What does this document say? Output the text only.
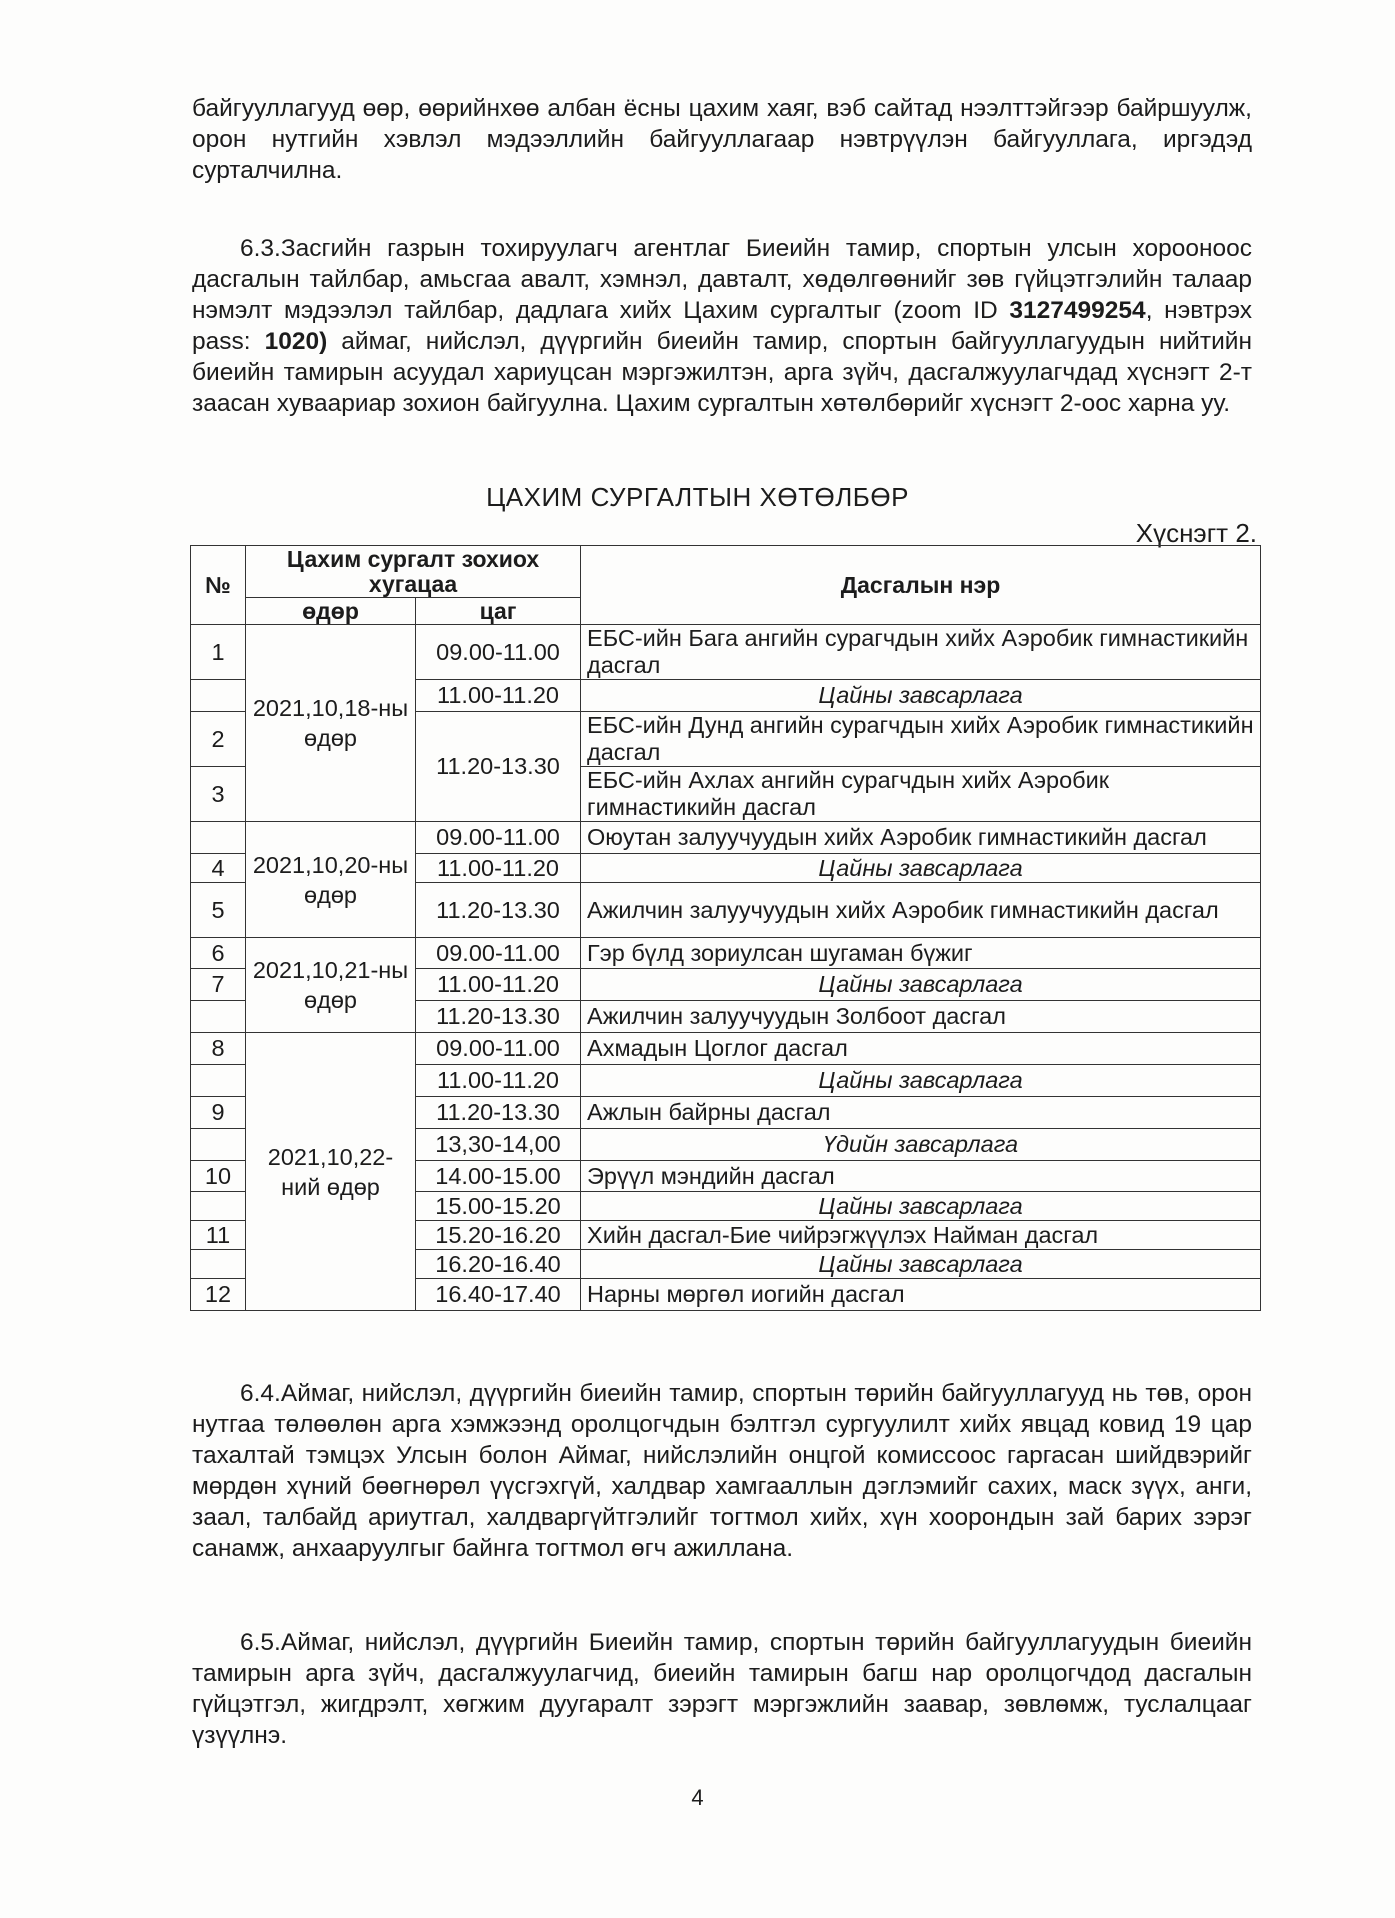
байгууллагууд өөр, өөрийнхөө албан ёсны цахим хаяг, вэб сайтад нээлттэйгээр байршуулж, орон нутгийн хэвлэл мэдээллийн байгууллагаар нэвтрүүлэн байгууллага, иргэдэд сурталчилна.

6.3.Засгийн газрын тохируулагч агентлаг Биеийн тамир, спортын улсын хорооноос дасгалын тайлбар, амьсгаа авалт, хэмнэл, давталт, хөдөлгөөнийг зөв гүйцэтгэлийн талаар нэмэлт мэдээлэл тайлбар, дадлага хийх Цахим сургалтыг (zoom ID 3127499254, нэвтрэх pass: 1020) аймаг, нийслэл, дүүргийн биеийн тамир, спортын байгууллагуудын нийтийн биеийн тамирын асуудал хариуцсан мэргэжилтэн, арга зүйч, дасгалжуулагчдад хүснэгт 2-т заасан хуваариар зохион байгуулна. Цахим сургалтын хөтөлбөрийг хүснэгт 2-оос харна уу.

ЦАХИМ СУРГАЛТЫН ХӨТӨЛБӨР
Хүснэгт 2.
№	Цахим сургалт зохиох хугацаа		Дасгалын нэр
	өдөр	цаг	
1	2021,10,18-ны өдөр	09.00-11.00	ЕБС-ийн Бага ангийн сурагчдын хийх Аэробик гимнастикийн дасгал
		11.00-11.20	Цайны завсарлага
2		11.20-13.30	ЕБС-ийн Дунд ангийн сурагчдын хийх Аэробик гимнастикийн дасгал
3			ЕБС-ийн Ахлах ангийн сурагчдын хийх Аэробик гимнастикийн дасгал
	2021,10,20-ны өдөр	09.00-11.00	Оюутан залуучуудын хийх Аэробик гимнастикийн дасгал
4		11.00-11.20	Цайны завсарлага
5		11.20-13.30	Ажилчин залуучуудын хийх Аэробик гимнастикийн дасгал
6	2021,10,21-ны өдөр	09.00-11.00	Гэр бүлд зориулсан шугаман бүжиг
7		11.00-11.20	Цайны завсарлага
		11.20-13.30	Ажилчин залуучуудын Золбоот дасгал
8	2021,10,22-ний өдөр	09.00-11.00	Ахмадын Цоглог дасгал
		11.00-11.20	Цайны завсарлага
9		11.20-13.30	Ажлын байрны дасгал
		13,30-14,00	Үдийн завсарлага
10		14.00-15.00	Эрүүл мэндийн дасгал
		15.00-15.20	Цайны завсарлага
11		15.20-16.20	Хийн дасгал-Бие чийрэгжүүлэх Найман дасгал
		16.20-16.40	Цайны завсарлага
12		16.40-17.40	Нарны мөргөл иогийн дасгал

6.4.Аймаг, нийслэл, дүүргийн биеийн тамир, спортын төрийн байгууллагууд нь төв, орон нутгаа төлөөлөн арга хэмжээнд оролцогчдын бэлтгэл сургуулилт хийх явцад ковид 19 цар тахалтай тэмцэх Улсын болон Аймаг, нийслэлийн онцгой комиссоос гаргасан шийдвэрийг мөрдөн хүний бөөгнөрөл үүсгэхгүй, халдвар хамгааллын дэглэмийг сахих, маск зүүх, анги, заал, талбайд ариутгал, халдваргүйтгэлийг тогтмол хийх, хүн хоорондын зай барих зэрэг санамж, анхааруулгыг байнга тогтмол өгч ажиллана.

6.5.Аймаг, нийслэл, дүүргийн Биеийн тамир, спортын төрийн байгууллагуудын биеийн тамирын арга зүйч, дасгалжуулагчид, биеийн тамирын багш нар оролцогчдод дасгалын гүйцэтгэл, жигдрэлт, хөгжим дуугаралт зэрэгт мэргэжлийн заавар, зөвлөмж, туслалцааг үзүүлнэ.

4
